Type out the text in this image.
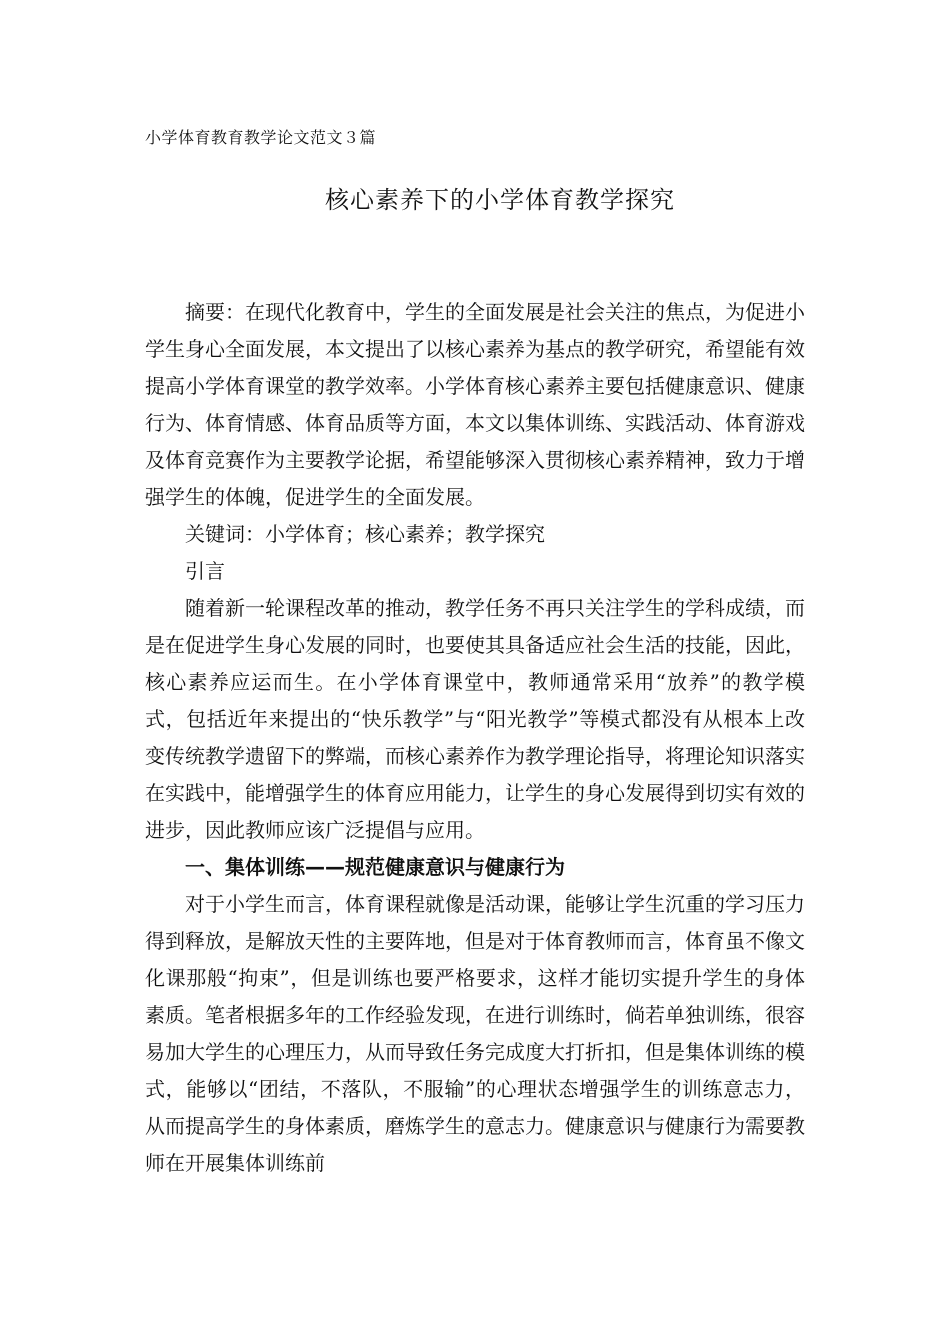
小学体育教育教学论文范文３篇
核心素养下的小学体育教学探究

摘要：在现代化教育中，学生的全面发展是社会关注的焦点，为促进小学生身心全面发展，本文提出了以核心素养为基点的教学研究，希望能有效提高小学体育课堂的教学效率。小学体育核心素养主要包括健康意识、健康行为、体育情感、体育品质等方面，本文以集体训练、实践活动、体育游戏及体育竞赛作为主要教学论据，希望能够深入贯彻核心素养精神，致力于增强学生的体魄，促进学生的全面发展。

关键词：小学体育；核心素养；教学探究

引言

随着新一轮课程改革的推动，教学任务不再只关注学生的学科成绩，而是在促进学生身心发展的同时，也要使其具备适应社会生活的技能，因此，核心素养应运而生。在小学体育课堂中，教师通常采用“放养”的教学模式，包括近年来提出的“快乐教学”与“阳光教学”等模式都没有从根本上改变传统教学遗留下的弊端，而核心素养作为教学理论指导，将理论知识落实在实践中，能增强学生的体育应用能力，让学生的身心发展得到切实有效的进步，因此教师应该广泛提倡与应用。

一、集体训练——规范健康意识与健康行为

对于小学生而言，体育课程就像是活动课，能够让学生沉重的学习压力得到释放，是解放天性的主要阵地，但是对于体育教师而言，体育虽不像文化课那般“拘束”，但是训练也要严格要求，这样才能切实提升学生的身体素质。笔者根据多年的工作经验发现，在进行训练时，倘若单独训练，很容易加大学生的心理压力，从而导致任务完成度大打折扣，但是集体训练的模式，能够以“团结，不落队，不服输”的心理状态增强学生的训练意志力，从而提高学生的身体素质，磨炼学生的意志力。健康意识与健康行为需要教师在开展集体训练前
